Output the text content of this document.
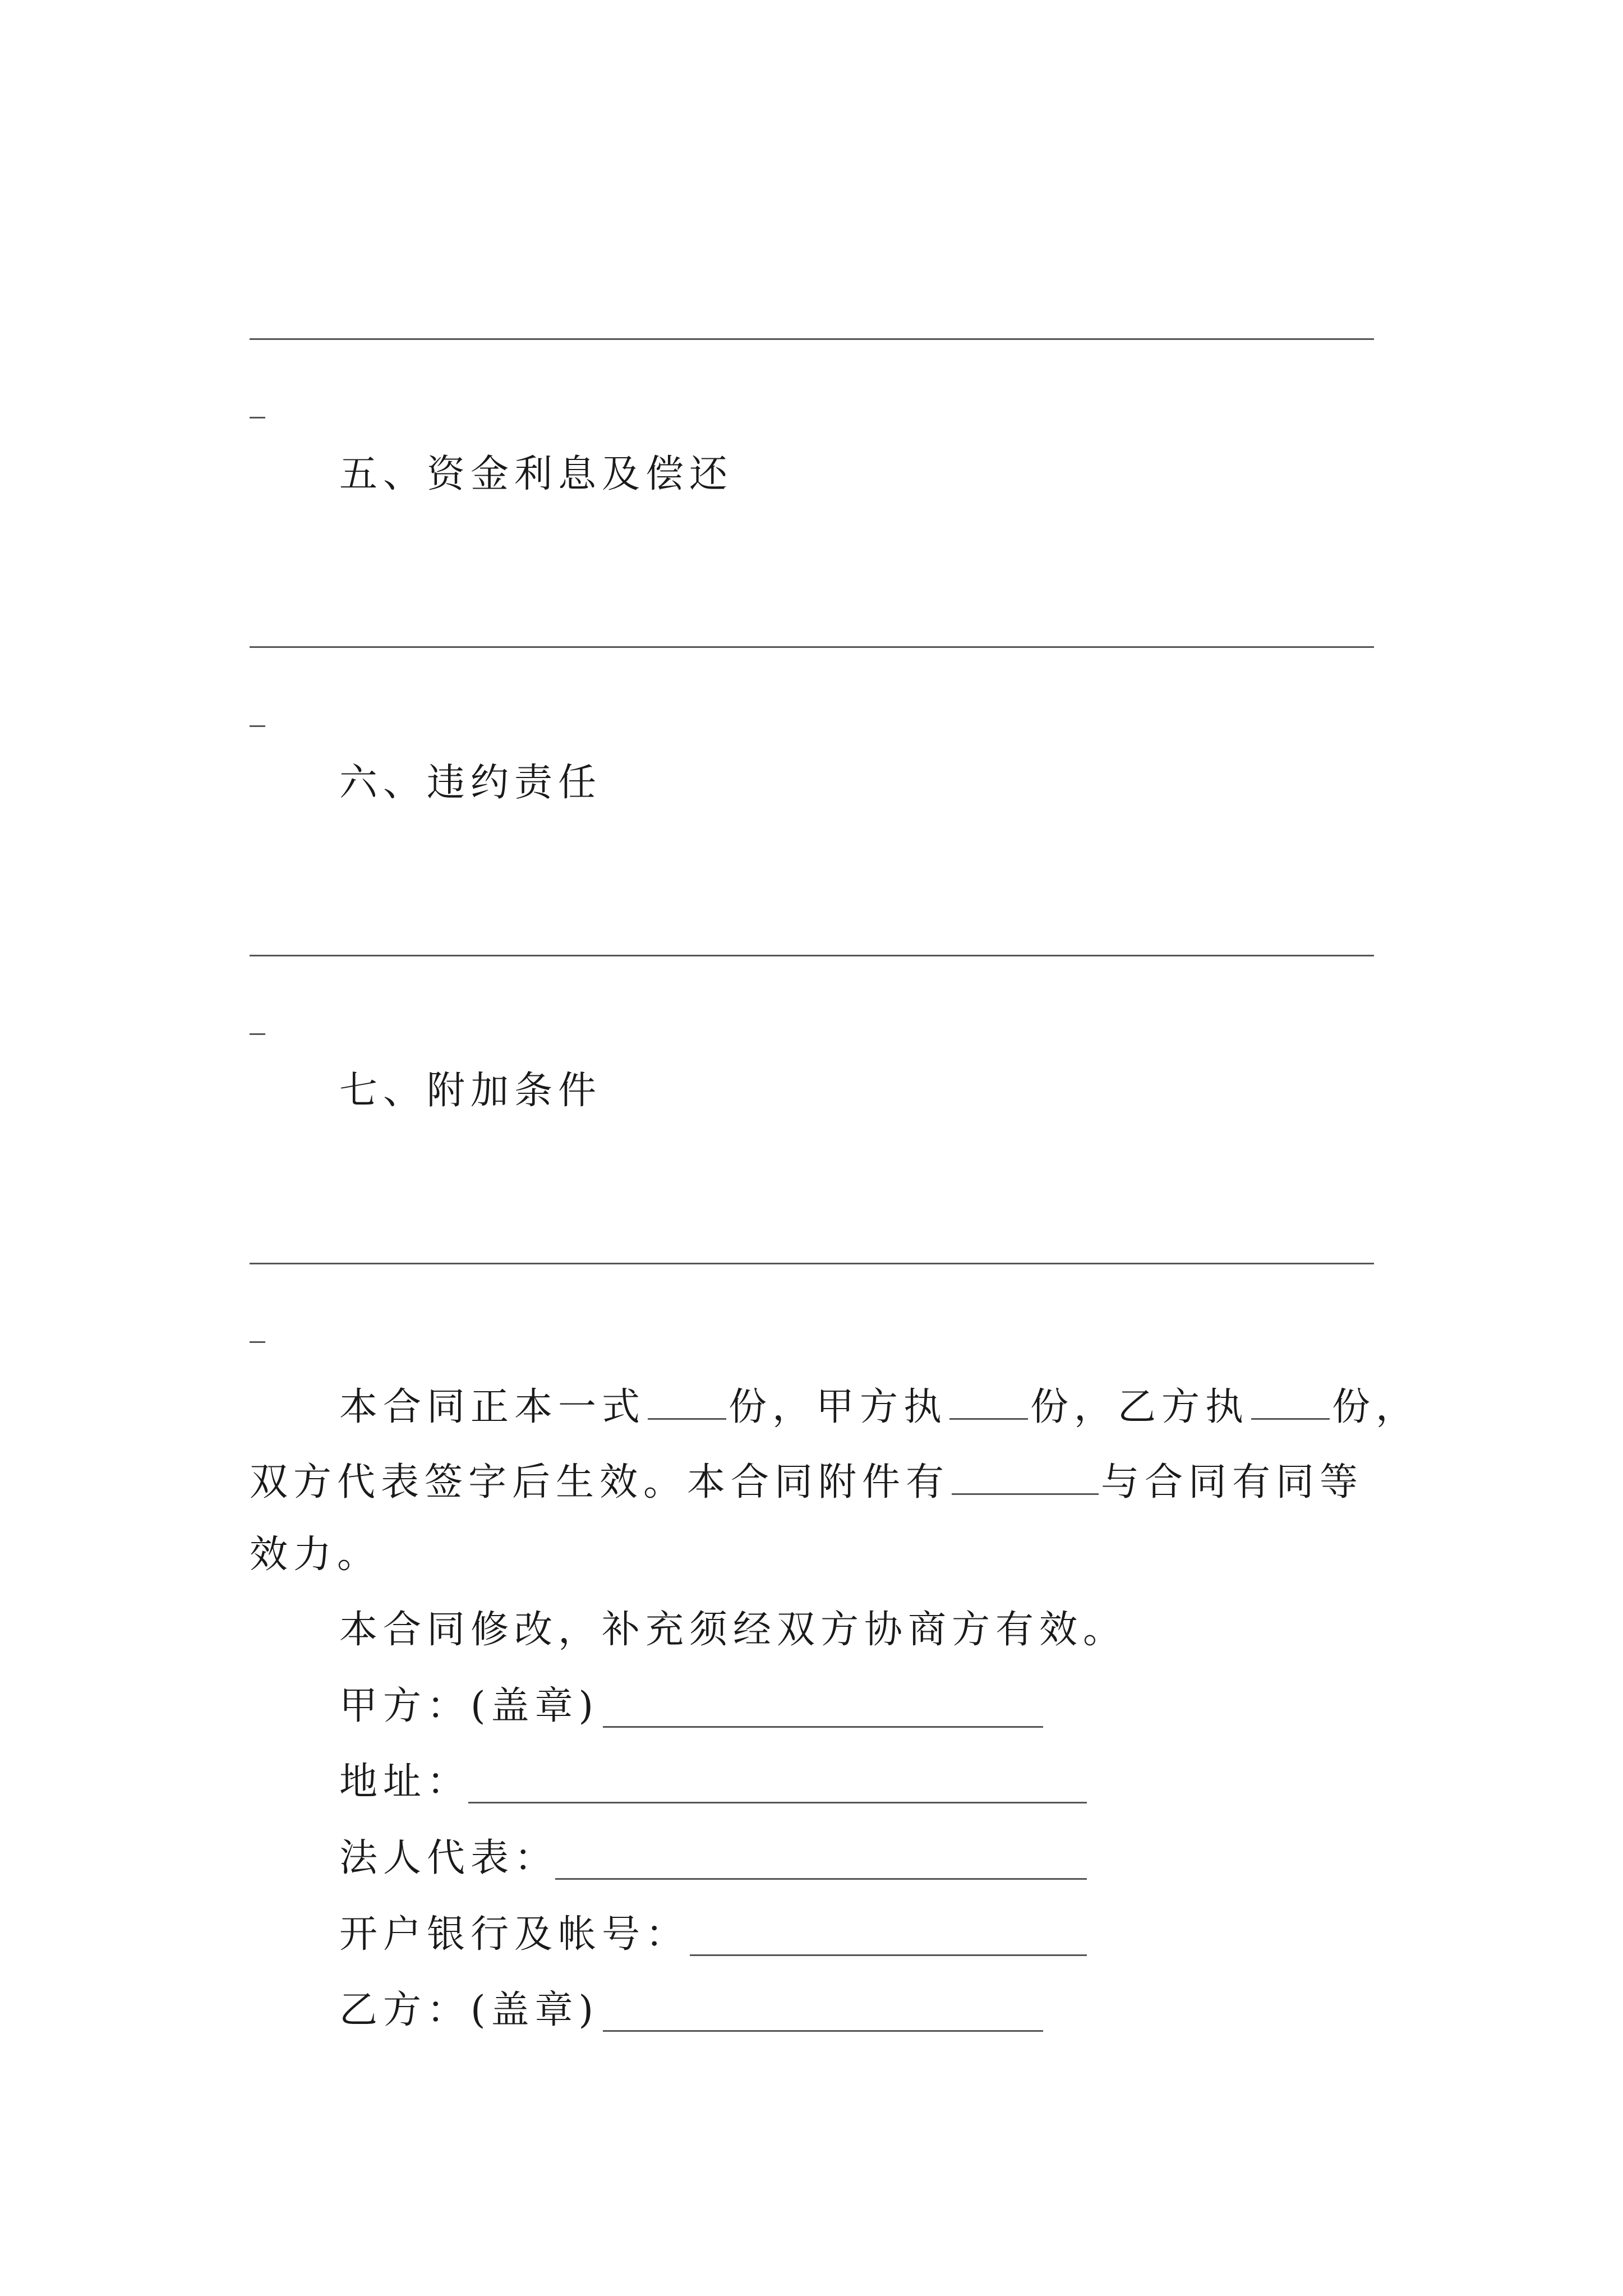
五、资金利息及偿还
六、违约责任
七、附加条件
本合同正本一式 份，甲方执 份，乙方执 份，
双方代表签字后生效。本合同附件有	与合同有同等
效力。
本合同修改，补充须经双方协商方有效。
甲方：(盖章)
地址：
法人代表：
开户银行及帐号：
乙方：(盖章)
